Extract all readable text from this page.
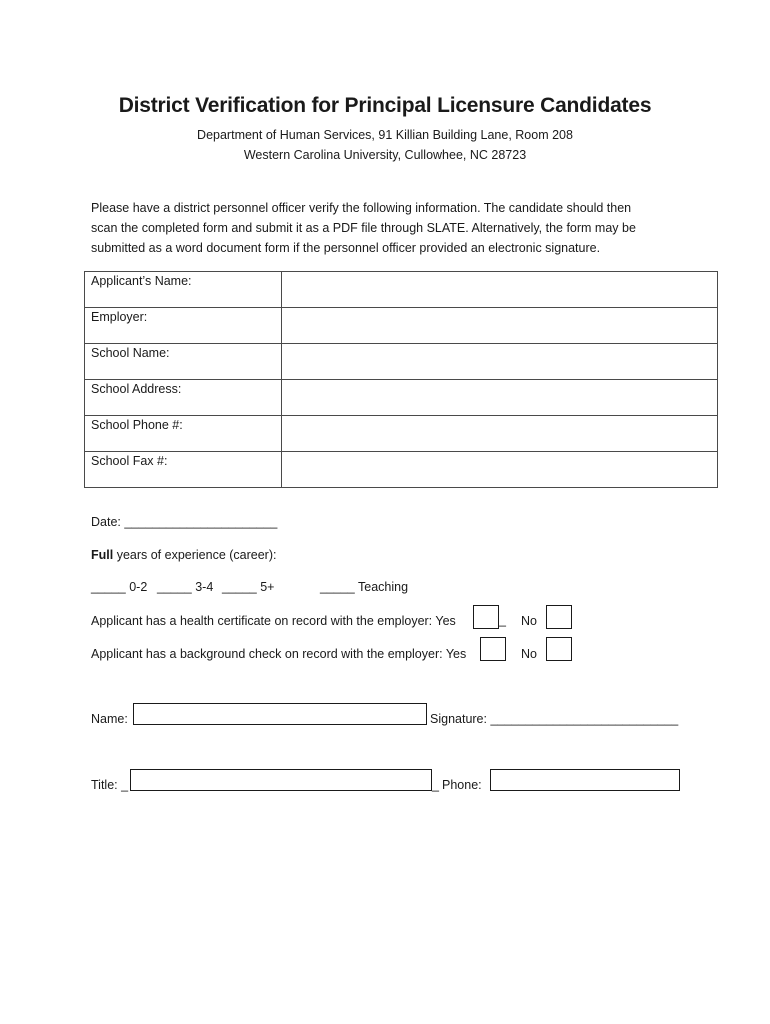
District Verification for Principal Licensure Candidates
Department of Human Services, 91 Killian Building Lane, Room 208
Western Carolina University, Cullowhee, NC 28723

Please have a district personnel officer verify the following information. The candidate should then

scan the completed form and submit it as a PDF file through SLATE. Alternatively, the form may be

submitted as a word document form if the personnel officer provided an electronic signature.

Applicant’s Name:	
Employer:	
School Name:	
School Address:	
School Phone #:	
School Fax #:	
Date: ______________________
Full years of experience (career):
_____ 0-2 _____ 3-4 _____ 5+	_____ Teaching
Applicant has a health certificate on record with the employer: Yes	_ No
Applicant has a background check on record with the employer: Yes	No
Name:	Signature: ___________________________
Title: _	_ Phone:
